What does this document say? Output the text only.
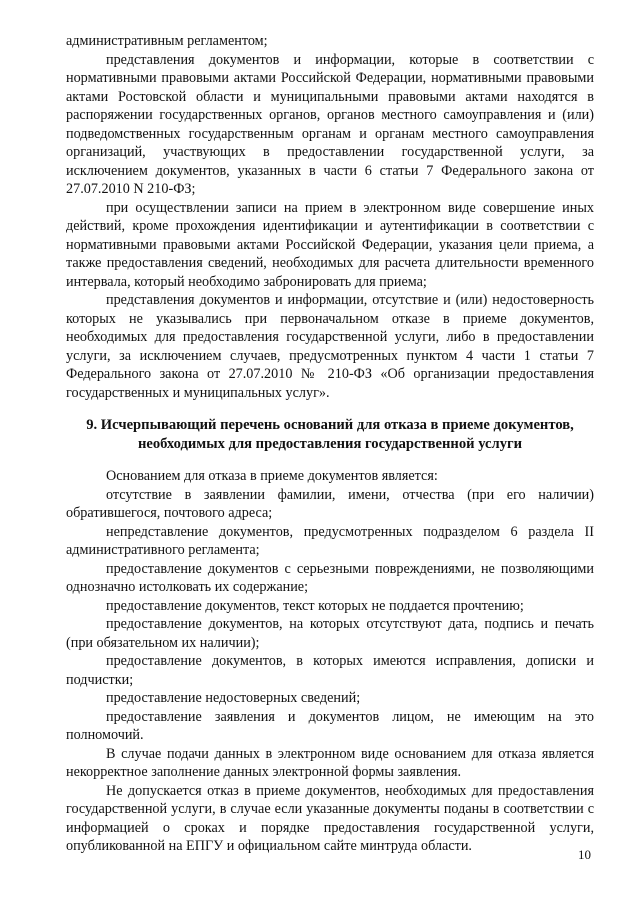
административным регламентом;

представления документов и информации, которые в соответствии с нормативными правовыми актами Российской Федерации, нормативными правовыми актами Ростовской области и муниципальными правовыми актами находятся в распоряжении государственных органов, органов местного самоуправления и (или) подведомственных государственным органам и органам местного самоуправления организаций, участвующих в предоставлении государственной услуги, за исключением документов, указанных в части 6 статьи 7 Федерального закона от 27.07.2010 N 210-ФЗ;

при осуществлении записи на прием в электронном виде совершение иных действий, кроме прохождения идентификации и аутентификации в соответствии с нормативными правовыми актами Российской Федерации, указания цели приема, а также предоставления сведений, необходимых для расчета длительности временного интервала, который необходимо забронировать для приема;

представления документов и информации, отсутствие и (или) недостоверность которых не указывались при первоначальном отказе в приеме документов, необходимых для предоставления государственной услуги, либо в предоставлении услуги, за исключением случаев, предусмотренных пунктом 4 части 1 статьи 7 Федерального закона от 27.07.2010 № 210-ФЗ «Об организации предоставления государственных и муниципальных услуг».

9. Исчерпывающий перечень оснований для отказа в приеме документов, необходимых для предоставления государственной услуги

Основанием для отказа в приеме документов является:

отсутствие в заявлении фамилии, имени, отчества (при его наличии) обратившегося, почтового адреса;

непредставление документов, предусмотренных подразделом 6 раздела II административного регламента;

предоставление документов с серьезными повреждениями, не позволяющими однозначно истолковать их содержание;

предоставление документов, текст которых не поддается прочтению;

предоставление документов, на которых отсутствуют дата, подпись и печать (при обязательном их наличии);

предоставление документов, в которых имеются исправления, дописки и подчистки;

предоставление недостоверных сведений;

предоставление заявления и документов лицом, не имеющим на это полномочий.

В случае подачи данных в электронном виде основанием для отказа является некорректное заполнение данных электронной формы заявления.

Не допускается отказ в приеме документов, необходимых для предоставления государственной услуги, в случае если указанные документы поданы в соответствии с информацией о сроках и порядке предоставления государственной услуги, опубликованной на ЕПГУ и официальном сайте минтруда области.

10
